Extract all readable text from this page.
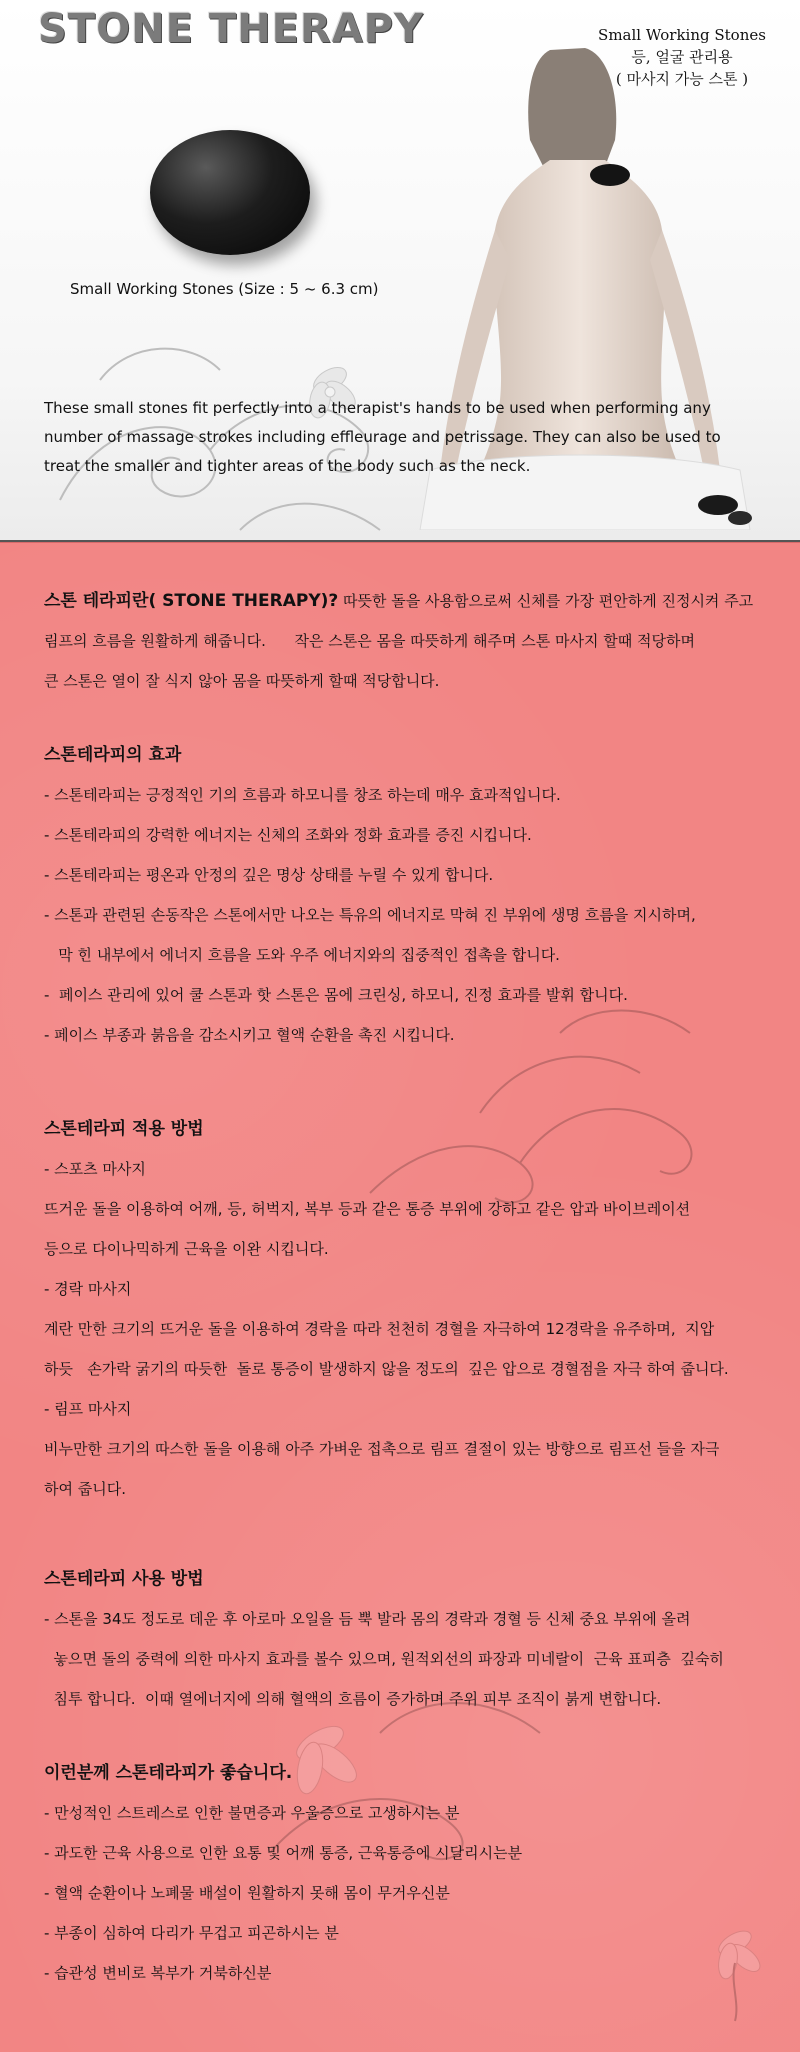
STONE THERAPY	Small Working Stones
등, 얼굴 관리용
( 마사지 가능 스톤 )
Small Working Stones (Size : 5 ~ 6.3 cm)
These small stones fit perfectly into a therapist's hands to be used when performing any number of massage strokes including effleurage and petrissage. They can also be used to treat the smaller and tighter areas of the body such as the neck.
스톤 테라피란( STONE THERAPY)? 따뜻한 돌을 사용함으로써 신체를 가장 편안하게 진정시켜 주고
림프의 흐름을 원활하게 해줍니다.      작은 스톤은 몸을 따뜻하게 해주며 스톤 마사지 할때 적당하며
큰 스톤은 열이 잘 식지 않아 몸을 따뜻하게 할때 적당합니다.
스톤테라피의 효과
- 스톤테라피는 긍정적인 기의 흐름과 하모니를 창조 하는데 매우 효과적입니다.
- 스톤테라피의 강력한 에너지는 신체의 조화와 정화 효과를 증진 시킵니다.
- 스톤테라피는 평온과 안정의 깊은 명상 상태를 누릴 수 있게 합니다.
- 스톤과 관련된 손동작은 스톤에서만 나오는 특유의 에너지로 막혀 진 부위에 생명 흐름을 지시하며,
막 힌 내부에서 에너지 흐름을 도와 우주 에너지와의 집중적인 접촉을 합니다.
-  페이스 관리에 있어 쿨 스톤과 핫 스톤은 몸에 크린싱, 하모니, 진정 효과를 발휘 합니다.
- 페이스 부종과 붉음을 감소시키고 혈액 순환을 촉진 시킵니다.
스톤테라피 적용 방법
- 스포츠 마사지
뜨거운 돌을 이용하여 어깨, 등, 허벅지, 복부 등과 같은 통증 부위에 강하고 같은 압과 바이브레이션
등으로 다이나믹하게 근육을 이완 시킵니다.
- 경락 마사지
계란 만한 크기의 뜨거운 돌을 이용하여 경락을 따라 천천히 경혈을 자극하여 12경락을 유주하며,  지압
하듯   손가락 굵기의 따듯한  돌로 통증이 발생하지 않을 정도의  깊은 압으로 경혈점을 자극 하여 줍니다.
- 림프 마사지
비누만한 크기의 따스한 돌을 이용해 아주 가벼운 접촉으로 림프 결절이 있는 방향으로 림프선 들을 자극
하여 줍니다.
스톤테라피 사용 방법
- 스톤을 34도 정도로 데운 후 아로마 오일을 듬 뿍 발라 몸의 경락과 경혈 등 신체 중요 부위에 올려
놓으면 돌의 중력에 의한 마사지 효과를 볼수 있으며, 원적외선의 파장과 미네랄이  근육 표피층  깊숙히
침투 합니다.  이때 열에너지에 의해 혈액의 흐름이 증가하며 주위 피부 조직이 붉게 변합니다.
이런분께 스톤테라피가 좋습니다.
- 만성적인 스트레스로 인한 불면증과 우울증으로 고생하시는 분
- 과도한 근육 사용으로 인한 요통 및 어깨 통증, 근육통증에 시달리시는분
- 혈액 순환이나 노폐물 배설이 원활하지 못해 몸이 무거우신분
- 부종이 심하여 다리가 무겁고 피곤하시는 분
- 습관성 변비로 복부가 거북하신분
